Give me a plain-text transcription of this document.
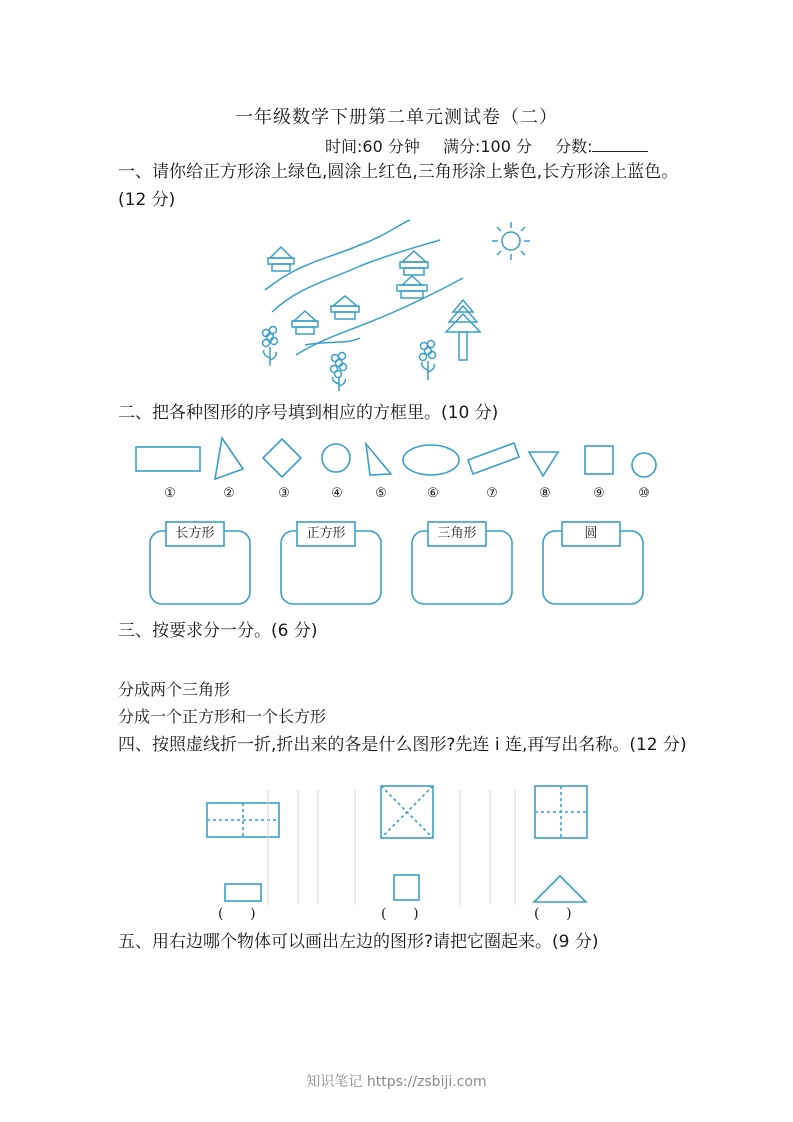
一年级数学下册第二单元测试卷（二）
时间:60 分钟 满分:100 分 分数:
一、请你给正方形涂上绿色,圆涂上红色,三角形涂上紫色,长方形涂上蓝色。(12 分)
二、把各种图形的序号填到相应的方框里。(10 分)
①	②	③	④	⑤	⑥	⑦	⑧	⑨	⑩
长方形	正方形	三角形	圆
三、按要求分一分。(6 分)
分成两个三角形
分成一个正方形和一个长方形
四、按照虚线折一折,折出来的各是什么图形?先连 i 连,再写出名称。(12 分)
(      )	(      )	(      )
五、用右边哪个物体可以画出左边的图形?请把它圈起来。(9 分)
知识笔记 https://zsbiji.com
